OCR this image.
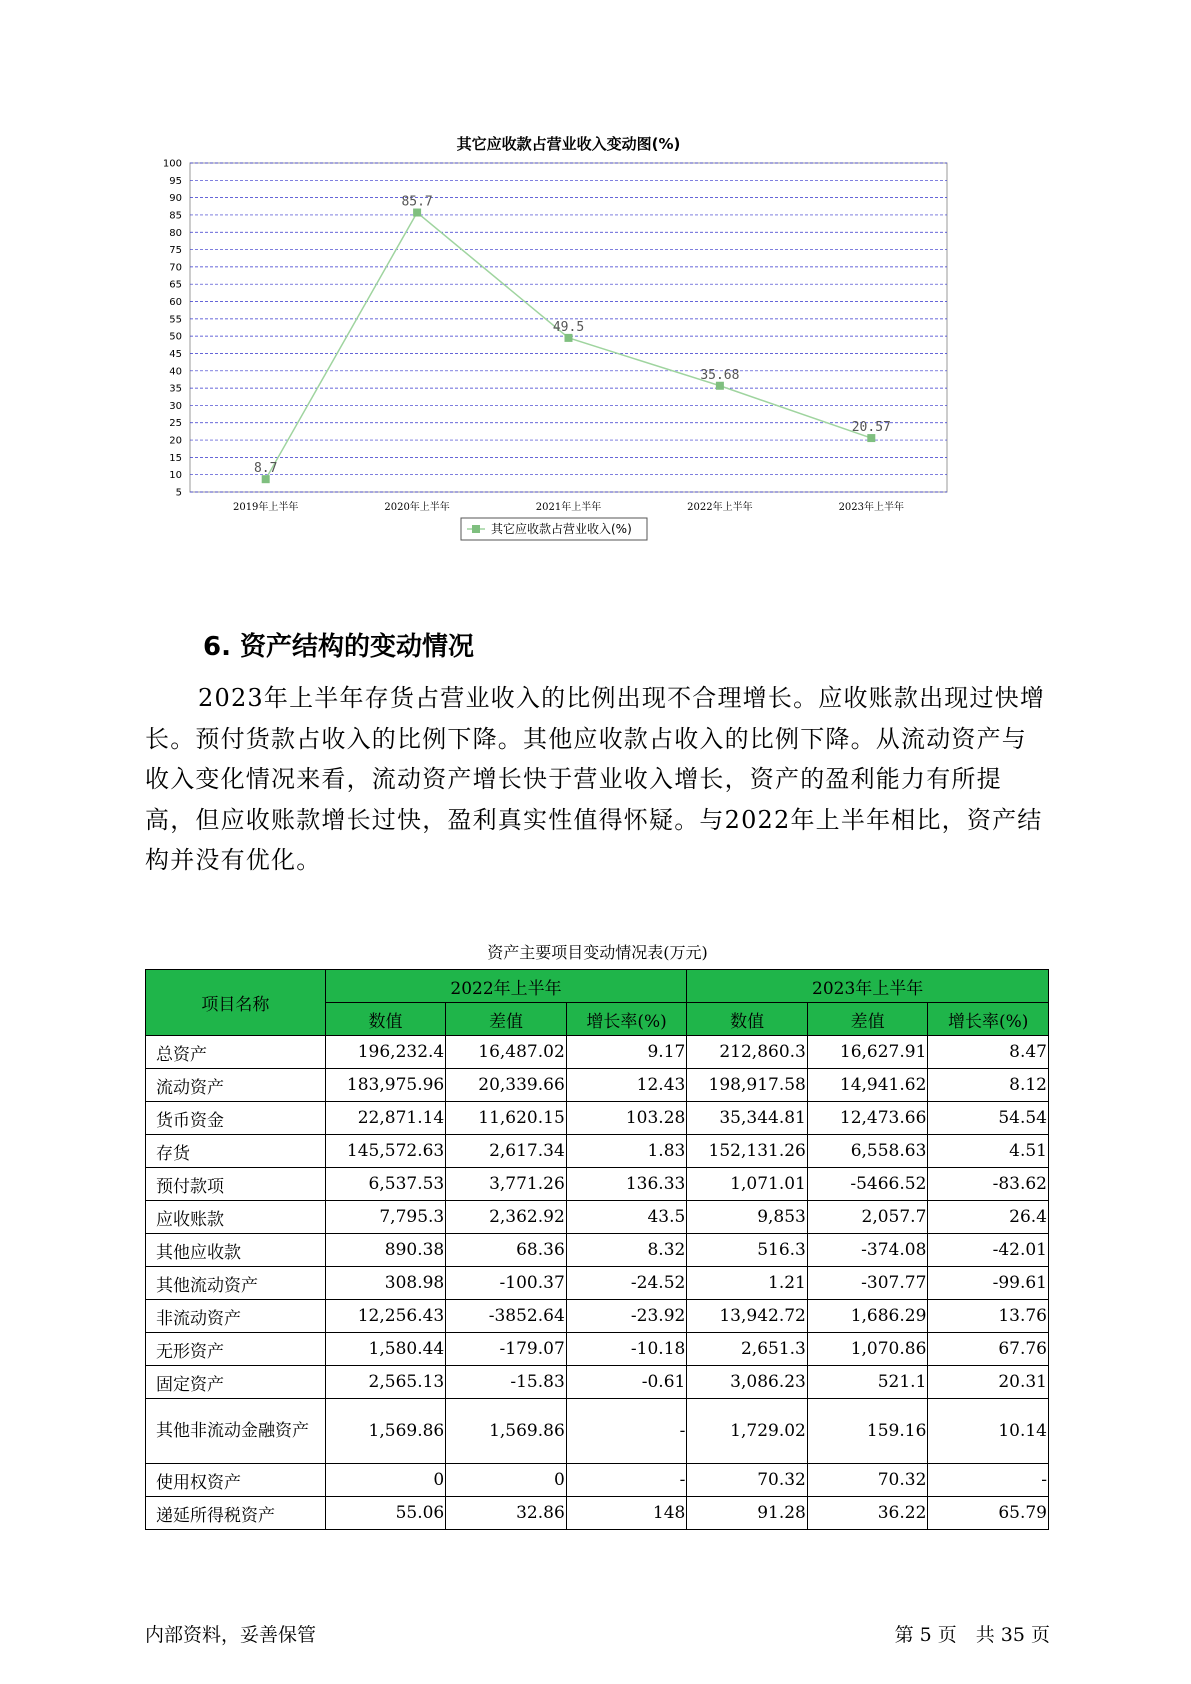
其它应收款占营业收入变动图(%)
5
10
15
20
25
30
35
40
45
50
55
60
65
70
75
80
85
90
95
100
2019年上半年	2020年上半年	2021年上半年	2022年上半年	2023年上半年
8.7
85.7
49.5
35.68
20.57
其它应收款占营业收入(%)
6. 资产结构的变动情况

2023年上半年存货占营业收入的比例出现不合理增长。应收账款出现过快增长。预付货款占收入的比例下降。其他应收款占收入的比例下降。从流动资产与收入变化情况来看，流动资产增长快于营业收入增长，资产的盈利能力有所提高，但应收账款增长过快，盈利真实性值得怀疑。与2022年上半年相比，资产结构并没有优化。

资产主要项目变动情况表(万元)

项目名称	2022年上半年			2023年上半年		
	数值	差值	增长率(%)	数值	差值	增长率(%)
总资产	196,232.4	16,487.02	9.17	212,860.3	16,627.91	8.47
流动资产	183,975.96	20,339.66	12.43	198,917.58	14,941.62	8.12
货币资金	22,871.14	11,620.15	103.28	35,344.81	12,473.66	54.54
存货	145,572.63	2,617.34	1.83	152,131.26	6,558.63	4.51
预付款项	6,537.53	3,771.26	136.33	1,071.01	-5466.52	-83.62
应收账款	7,795.3	2,362.92	43.5	9,853	2,057.7	26.4
其他应收款	890.38	68.36	8.32	516.3	-374.08	-42.01
其他流动资产	308.98	-100.37	-24.52	1.21	-307.77	-99.61
非流动资产	12,256.43	-3852.64	-23.92	13,942.72	1,686.29	13.76
无形资产	1,580.44	-179.07	-10.18	2,651.3	1,070.86	67.76
固定资产	2,565.13	-15.83	-0.61	3,086.23	521.1	20.31
其他非流动金融资产	1,569.86	1,569.86	-	1,729.02	159.16	10.14
使用权资产	0	0	-	70.32	70.32	-
递延所得税资产	55.06	32.86	148	91.28	36.22	65.79

内部资料，妥善保管	第 5 页　共 35 页
